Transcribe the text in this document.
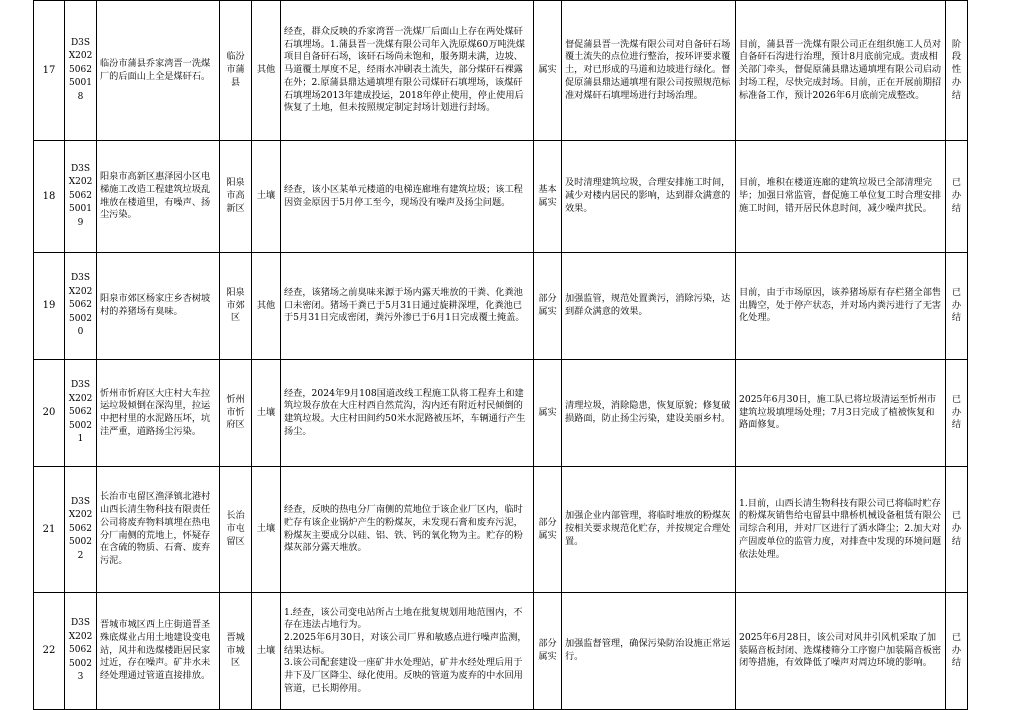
17	D3SX202506250018	临汾市蒲县乔家湾晋一洗煤厂的后面山上全是煤矸石。	临汾市蒲县	其他	经查，群众反映的乔家湾晋一洗煤厂后面山上存在两处煤矸石填埋场。1.蒲县晋一洗煤有限公司年入洗原煤60万吨洗煤项目自备矸石场，该矸石场尚未饱和，服务期未满，边坡、马道覆土厚度不足，经雨水冲刷表土流失，部分煤矸石裸露在外；2.原蒲县鼎达通填埋有限公司煤矸石填埋场，该煤矸石填埋场2013年建成投运，2018年停止使用，停止使用后恢复了土地，但未按照规定制定封场计划进行封场。	属实	督促蒲县晋一洗煤有限公司对自备矸石场覆土流失的点位进行整治，按环评要求覆土，对已形成的马道和边坡进行绿化。督促原蒲县鼎达通填埋有限公司按照规范标准对煤矸石填埋场进行封场治理。	目前，蒲县晋一洗煤有限公司正在组织施工人员对自备矸石沟进行治理，预计8月底前完成。责成相关部门牵头，督促原蒲县鼎达通填埋有限公司启动封场工程，尽快完成封场。目前，正在开展前期招标准备工作，预计2026年6月底前完成整改。	阶段性办结	
18	D3SX202506250019	阳泉市高新区惠泽园小区电梯施工改造工程建筑垃圾乱堆放在楼道里，有噪声、扬尘污染。	阳泉市高新区	土壤	经查，该小区某单元楼道的电梯连廊堆有建筑垃圾；该工程因资金原因于5月停工至今，现场没有噪声及扬尘问题。	基本属实	及时清理建筑垃圾，合理安排施工时间，减少对楼内居民的影响，达到群众满意的效果。	目前，堆积在楼道连廊的建筑垃圾已全部清理完毕；加强日常监管，督促施工单位复工时合理安排施工时间，错开居民休息时间，减少噪声扰民。	已办结	
19	D3SX202506250020	阳泉市郊区杨家庄乡杏树坡村的养猪场有臭味。	阳泉市郊区	其他	经查，该猪场之前臭味来源于场内露天堆放的干粪、化粪池口未密闭。猪场干粪已于5月31日通过旋耕深埋，化粪池已于5月31日完成密闭，粪污外渗已于6月1日完成覆土掩盖。	部分属实	加强监管，规范处置粪污，消除污染，达到群众满意的效果。	目前，由于市场原因，该养猪场原有存栏猪全部售出腾空，处于停产状态，并对场内粪污进行了无害化处理。	已办结	
20	D3SX202506250021	忻州市忻府区大庄村大车拉运垃圾倾倒在深沟里，拉运中把村里的水泥路压坏，坑洼严重，道路扬尘污染。	忻州市忻府区	土壤	经查，2024年9月108国道改线工程施工队将工程弃土和建筑垃圾存放在大庄村西自然荒沟，沟内还有附近村民倾倒的建筑垃圾。大庄村田间约50米水泥路被压坏，车辆通行产生扬尘。	属实	清理垃圾，消除隐患，恢复原貌；修复破损路面，防止扬尘污染，建设美丽乡村。	2025年6月30日，施工队已将垃圾清运至忻州市建筑垃圾填埋场处理；7月3日完成了植被恢复和路面修复。	已办结	
21	D3SX202506250022	长治市屯留区渔泽镇北港村山西长清生物科技有限责任公司将废弃物料填埋在热电分厂南侧的荒地上，怀疑存在含硫的物质、石膏、废弃污泥。	长治市屯留区	土壤	经查，反映的热电分厂南侧的荒地位于该企业厂区内，临时贮存有该企业锅炉产生的粉煤灰，未发现石膏和废弃污泥，粉煤灰主要成分以硅、铝、铁、钙的氧化物为主。贮存的粉煤灰部分露天堆放。	部分属实	加强企业内部管理，将临时堆放的粉煤灰按相关要求规范化贮存，并按规定合理处置。	1.目前，山西长清生物科技有限公司已将临时贮存的粉煤灰销售给屯留县中鼎桥机械设备租赁有限公司综合利用，并对厂区进行了洒水降尘；2.加大对产固废单位的监管力度，对排查中发现的环境问题依法处理。	已办结	
22	D3SX202506250023	晋城市城区西上庄街道晋圣殊底煤业占用土地建设变电站，风井和选煤楼距居民家过近，存在噪声。矿井水未经处理通过管道直接排放。	晋城市城区	土壤	1.经查，该公司变电站所占土地在批复规划用地范围内，不存在违法占地行为。
2.2025年6月30日，对该公司厂界和敏感点进行噪声监测，结果达标。
3.该公司配套建设一座矿井水处理站，矿井水经处理后用于井下及厂区降尘、绿化使用。反映的管道为废弃的中水回用管道，已长期停用。	部分属实	加强监督管理，确保污染防治设施正常运行。	2025年6月28日，该公司对风井引风机采取了加装隔音板封闭、选煤楼筛分工序窗户加装隔音板密闭等措施，有效降低了噪声对周边环境的影响。	已办结	
